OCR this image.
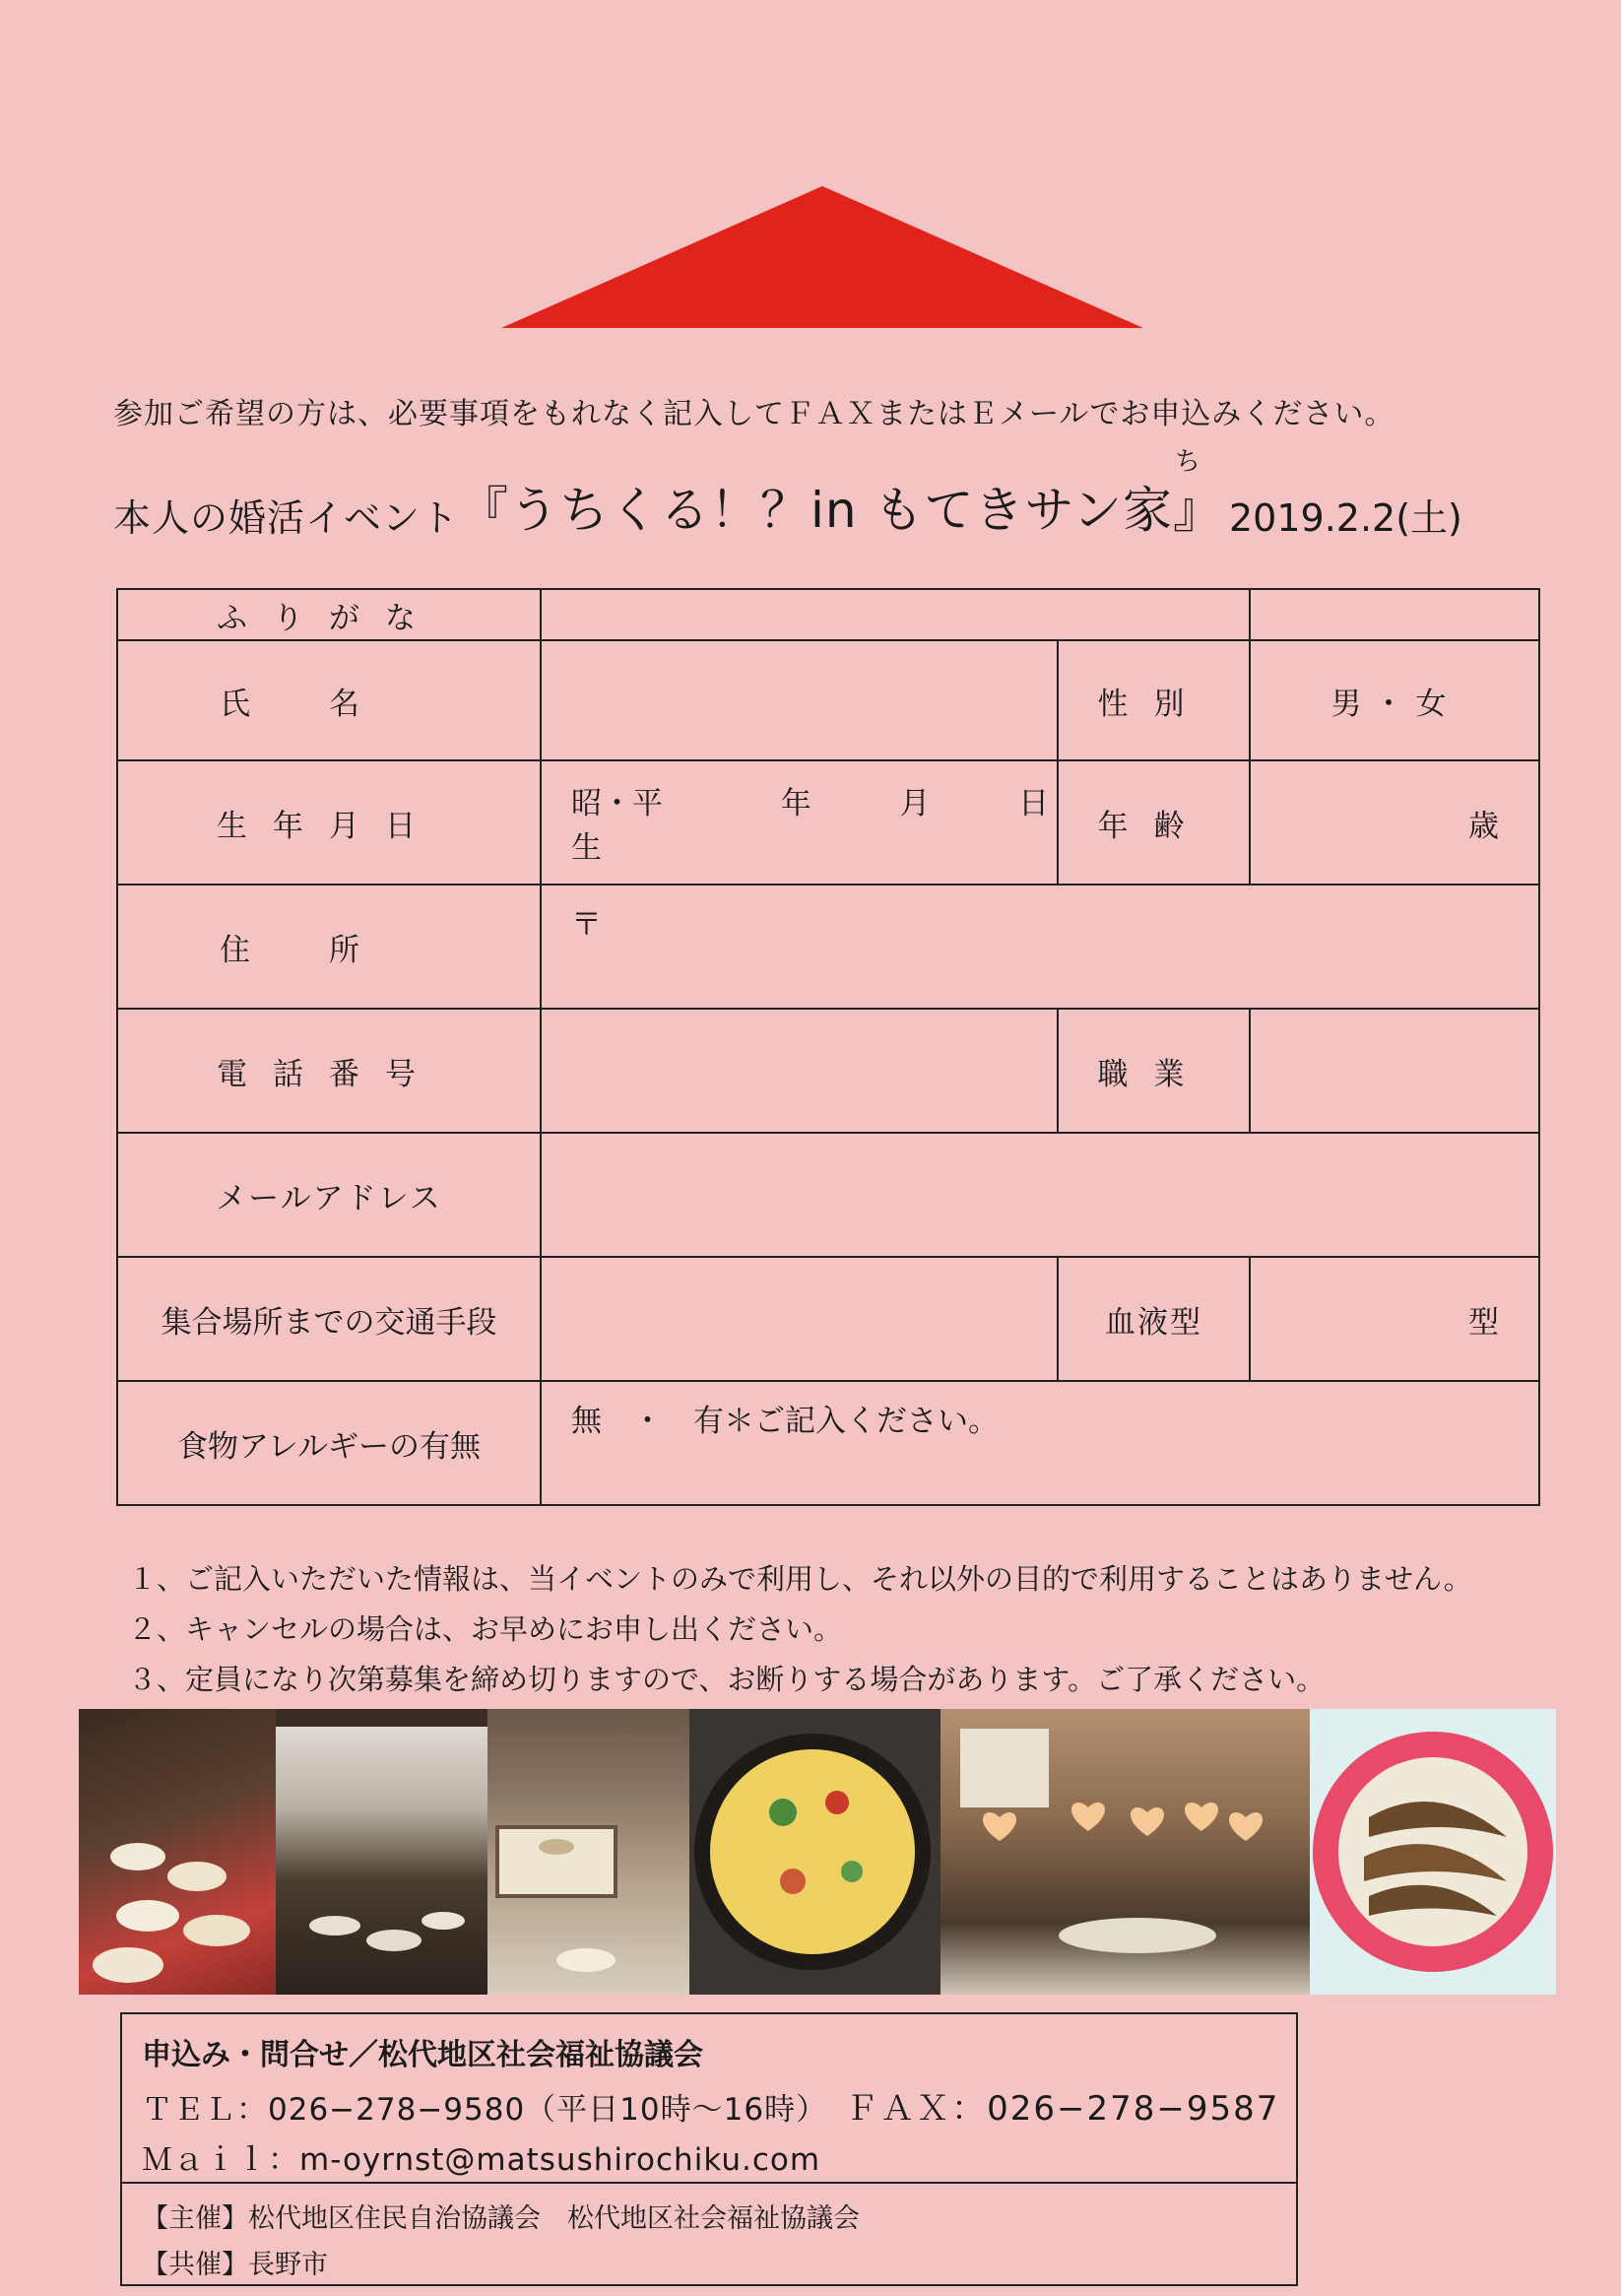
参加ご希望の方は、必要事項をもれなく記入してＦＡＸまたはＥメールでお申込みください。
本人の婚活イベント 『うちくる！？in もてきサン家』
ち
2019.2.2(土)
ふりがな			
氏名		性別	男・女
生年月日	昭・平 年 月 日生	年齢	歳
住所	〒		
電話番号		職業	
メールアドレス			
集合場所までの交通手段		血液型	型
食物アレルギーの有無	無　・　有＊ご記入ください。		
１、ご記入いただいた情報は、当イベントのみで利用し、それ以外の目的で利用することはありません。
２、キャンセルの場合は、お早めにお申し出ください。
３、定員になり次第募集を締め切りますので、お断りする場合があります。ご了承ください。
申込み・問合せ／松代地区社会福祉協議会
ＴＥＬ：026−278−9580（平日10時〜16時） ＦＡＸ：026−278−9587
Ｍａｉｌ：m-oyrnst@matsushirochiku.com
【主催】松代地区住民自治協議会　松代地区社会福祉協議会
【共催】長野市
